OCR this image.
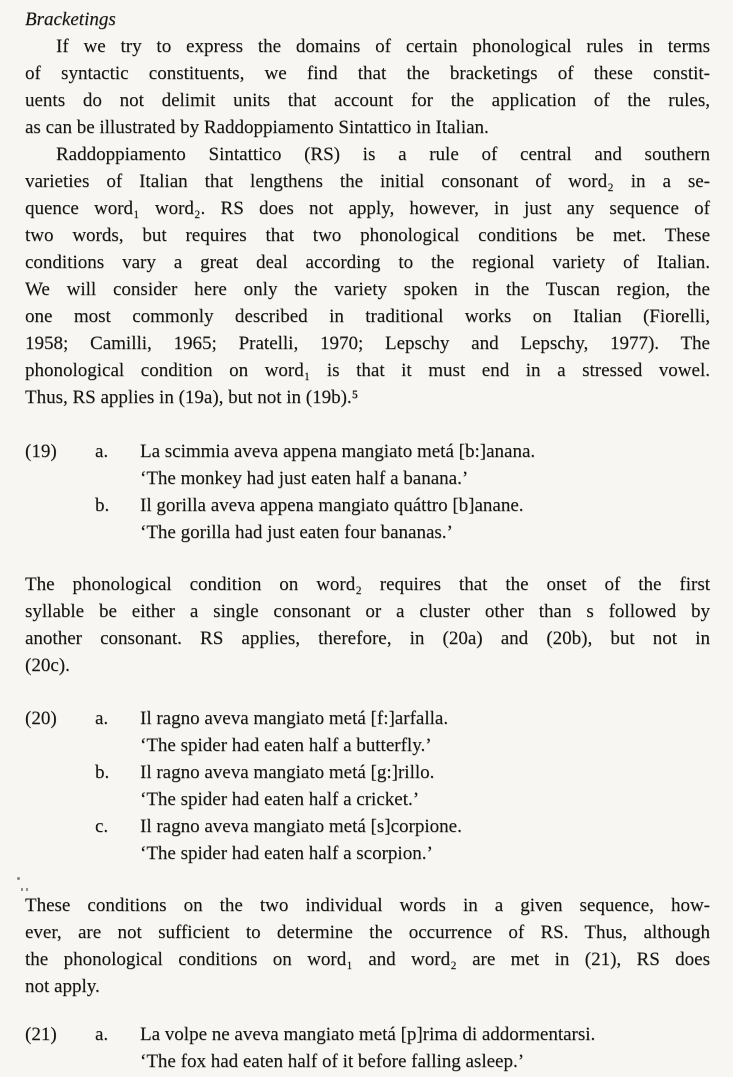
Bracketings
If we try to express the domains of certain phonological rules in terms
of syntactic constituents, we find that the bracketings of these constit-
uents do not delimit units that account for the application of the rules,
as can be illustrated by Raddoppiamento Sintattico in Italian.
Raddoppiamento Sintattico (RS) is a rule of central and southern
varieties of Italian that lengthens the initial consonant of word₂ in a se-
quence word₁ word₂. RS does not apply, however, in just any sequence of
two words, but requires that two phonological conditions be met. These
conditions vary a great deal according to the regional variety of Italian.
We will consider here only the variety spoken in the Tuscan region, the
one most commonly described in traditional works on Italian (Fiorelli,
1958; Camilli, 1965; Pratelli, 1970; Lepschy and Lepschy, 1977). The
phonological condition on word₁ is that it must end in a stressed vowel.
Thus, RS applies in (19a), but not in (19b).⁵
(19)	a.	La scimmia aveva appena mangiato metá [b:]anana.
‘The monkey had just eaten half a banana.’
b.	Il gorilla aveva appena mangiato quáttro [b]anane.
‘The gorilla had just eaten four bananas.’
The phonological condition on word₂ requires that the onset of the first
syllable be either a single consonant or a cluster other than s followed by
another consonant. RS applies, therefore, in (20a) and (20b), but not in
(20c).
(20)	a.	Il ragno aveva mangiato metá [f:]arfalla.
‘The spider had eaten half a butterfly.’
b.	Il ragno aveva mangiato metá [g:]rillo.
‘The spider had eaten half a cricket.’
c.	Il ragno aveva mangiato metá [s]corpione.
‘The spider had eaten half a scorpion.’
These conditions on the two individual words in a given sequence, how-
ever, are not sufficient to determine the occurrence of RS. Thus, although
the phonological conditions on word₁ and word₂ are met in (21), RS does
not apply.
(21)	a.	La volpe ne aveva mangiato metá [p]rima di addormentarsi.
‘The fox had eaten half of it before falling asleep.’
